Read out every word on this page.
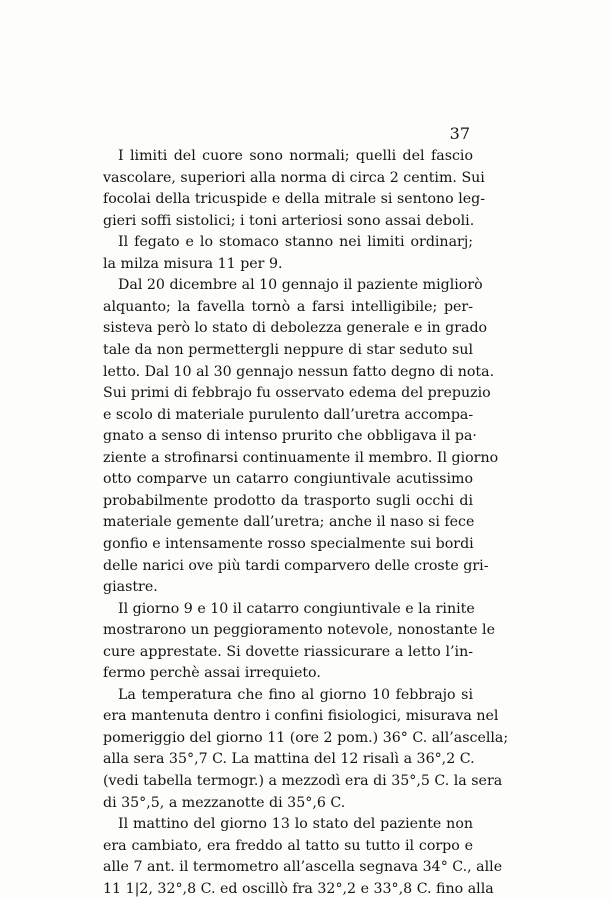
37
I limiti del cuore sono normali; quelli del fascio
vascolare, superiori alla norma di circa 2 centim. Sui
focolai della tricuspide e della mitrale si sentono leg-
gieri soffi sistolici; i toni arteriosi sono assai deboli.
Il fegato e lo stomaco stanno nei limiti ordinarj;
la milza misura 11 per 9.
Dal 20 dicembre al 10 gennajo il paziente migliorò
alquanto; la favella tornò a farsi intelligibile; per-
sisteva però lo stato di debolezza generale e in grado
tale da non permettergli neppure di star seduto sul
letto. Dal 10 al 30 gennajo nessun fatto degno di nota.
Sui primi di febbrajo fu osservato edema del prepuzio
e scolo di materiale purulento dall’uretra accompa-
gnato a senso di intenso prurito che obbligava il pa·
ziente a strofinarsi continuamente il membro. Il giorno
otto comparve un catarro congiuntivale acutissimo
probabilmente prodotto da trasporto sugli occhi di
materiale gemente dall’uretra; anche il naso si fece
gonfio e intensamente rosso specialmente sui bordi
delle narici ove più tardi comparvero delle croste gri-
giastre.
Il giorno 9 e 10 il catarro congiuntivale e la rinite
mostrarono un peggioramento notevole, nonostante le
cure apprestate. Si dovette riassicurare a letto l’in-
fermo perchè assai irrequieto.
La temperatura che fino al giorno 10 febbrajo si
era mantenuta dentro i confini fisiologici, misurava nel
pomeriggio del giorno 11 (ore 2 pom.) 36° C. all’ascella;
alla sera 35°,7 C. La mattina del 12 risalì a 36°,2 C.
(vedi tabella termogr.) a mezzodì era di 35°,5 C. la sera
di 35°,5, a mezzanotte di 35°,6 C.
Il mattino del giorno 13 lo stato del paziente non
era cambiato, era freddo al tatto su tutto il corpo e
alle 7 ant. il termometro all’ascella segnava 34° C., alle
11 1|2, 32°,8 C. ed oscillò fra 32°,2 e 33°,8 C. fino alla
